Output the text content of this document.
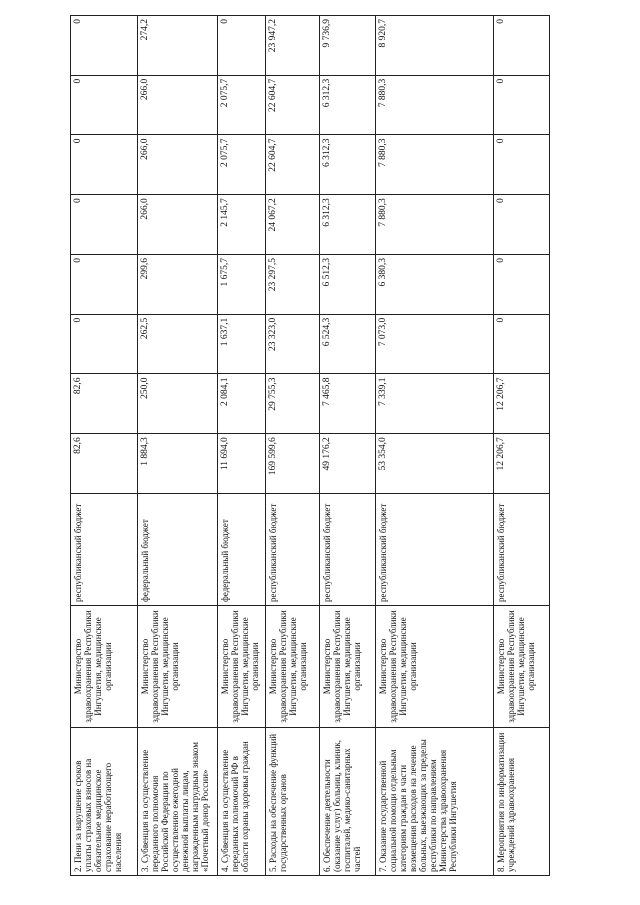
2. Пени за нарушение сроков уплаты страховых взносов на обязательное медицинское страхование неработающего населения	Министерство здравоохранения Республики Ингушетия, медицинские организации	республиканский бюджет	82,6	82,6	0	0	0	0	0	0
3. Субвенция на осуществление переданного полномочия Российской Федерации по осуществлению ежегодной денежной выплаты лицам, награжденным нагрудным знаком «Почетный донор России»	Министерство здравоохранения Республики Ингушетия, медицинские организации	федеральный бюджет	1 884,3	250,0	262,5	299,6	266,0	266,0	266,0	274,2
4. Субвенция на осуществление переданных полномочий РФ в области охраны здоровья граждан	Министерство здравоохранения Республики Ингушетия, медицинские организации	федеральный бюджет	11 694,0	2 084,1	1 637,1	1 675,7	2 145,7	2 075,7	2 075,7	0
5. Расходы на обеспечение функций государственных органов	Министерство здравоохранения Республики Ингушетия, медицинские организации	республиканский бюджет	169 599,6	29 755,3	23 323,0	23 297,5	24 067,2	22 604,7	22 604,7	23 947,2
6. Обеспечение деятельности (оказание услуг) больниц, клиник, госпиталей, медико-санитарных частей	Министерство здравоохранения Республики Ингушетия, медицинские организации	республиканский бюджет	49 176,2	7 465,8	6 524,3	6 512,3	6 312,3	6 312,3	6 312,3	9 736,9
7. Оказание государственной социальной помощи отдельным категориям граждан в части возмещения расходов на лечение больных, выезжающих за пределы республики по направлениям Министерства здравоохранения Республики Ингушетия	Министерство здравоохранения Республики Ингушетия, медицинские организации	республиканский бюджет	53 354,0	7 339,1	7 073,0	6 380,3	7 880,3	7 880,3	7 880,3	8 920,7
8. Мероприятия по информатизации учреждений здравоохранения	Министерство здравоохранения Республики Ингушетия, медицинские организации	республиканский бюджет	12 206,7	12 206,7	0	0	0	0	0	0
